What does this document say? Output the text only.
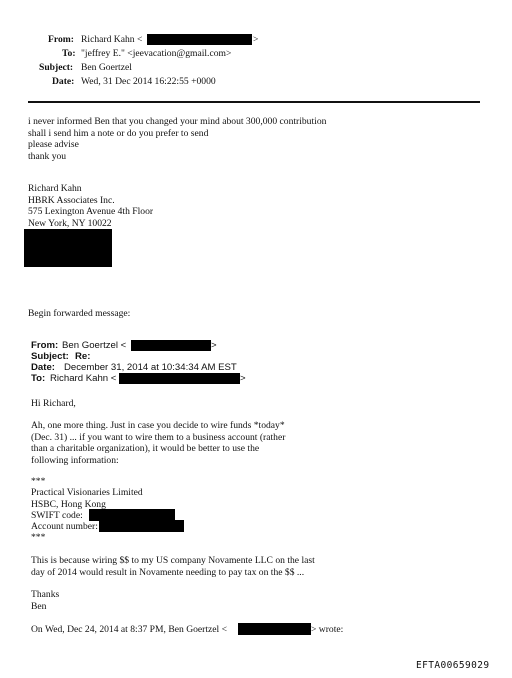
From: Richard Kahn <	>
To: "jeffrey E." <jeevacation@gmail.com>
Subject: Ben Goertzel
Date: Wed, 31 Dec 2014 16:22:55 +0000
i never informed Ben that you changed your mind about 300,000 contribution
shall i send him a note or do you prefer to send
please advise
thank you
Richard Kahn
HBRK Associates Inc.
575 Lexington Avenue 4th Floor
New York, NY 10022
Begin forwarded message:
From: Ben Goertzel <	>
Subject: Re:
Date: December 31, 2014 at 10:34:34 AM EST
To: Richard Kahn <	>
Hi Richard,
Ah, one more thing. Just in case you decide to wire funds *today*
(Dec. 31) ... if you want to wire them to a business account (rather
than a charitable organization), it would be better to use the
following information:
***
Practical Visionaries Limited
HSBC, Hong Kong
SWIFT code:
Account number:
***
This is because wiring $$ to my US company Novamente LLC on the last
day of 2014 would result in Novamente needing to pay tax on the $$ ...
Thanks
Ben
On Wed, Dec 24, 2014 at 8:37 PM, Ben Goertzel <	> wrote:
EFTA00659029
